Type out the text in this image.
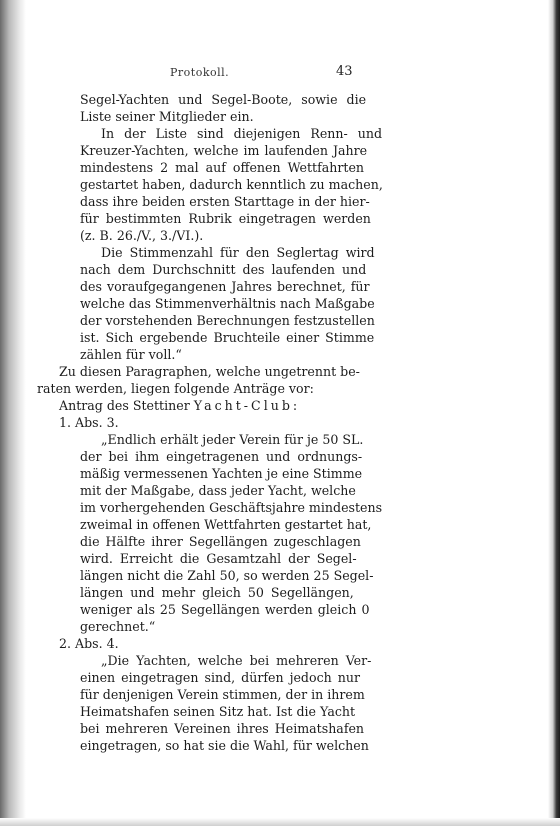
Protokoll.	43
Segel-Yachten und Segel-Boote, sowie die
Liste seiner Mitglieder ein.
In der Liste sind diejenigen Renn- und
Kreuzer-Yachten, welche im laufenden Jahre
mindestens 2 mal auf offenen Wettfahrten
gestartet haben, dadurch kenntlich zu machen,
dass ihre beiden ersten Starttage in der hier-
für bestimmten Rubrik eingetragen werden
(z. B. 26./V., 3./VI.).
Die Stimmenzahl für den Seglertag wird
nach dem Durchschnitt des laufenden und
des voraufgegangenen Jahres berechnet, für
welche das Stimmenverhältnis nach Maßgabe
der vorstehenden Berechnungen festzustellen
ist. Sich ergebende Bruchteile einer Stimme
zählen für voll.“
Zu diesen Paragraphen, welche ungetrennt be-
raten werden, liegen folgende Anträge vor:
Antrag des Stettiner Yacht-Club:
1. Abs. 3.
„Endlich erhält jeder Verein für je 50 SL.
der bei ihm eingetragenen und ordnungs-
mäßig vermessenen Yachten je eine Stimme
mit der Maßgabe, dass jeder Yacht, welche
im vorhergehenden Geschäftsjahre mindestens
zweimal in offenen Wettfahrten gestartet hat,
die Hälfte ihrer Segellängen zugeschlagen
wird. Erreicht die Gesamtzahl der Segel-
längen nicht die Zahl 50, so werden 25 Segel-
längen und mehr gleich 50 Segellängen,
weniger als 25 Segellängen werden gleich 0
gerechnet.“
2. Abs. 4.
„Die Yachten, welche bei mehreren Ver-
einen eingetragen sind, dürfen jedoch nur
für denjenigen Verein stimmen, der in ihrem
Heimatshafen seinen Sitz hat. Ist die Yacht
bei mehreren Vereinen ihres Heimatshafen
eingetragen, so hat sie die Wahl, für welchen
